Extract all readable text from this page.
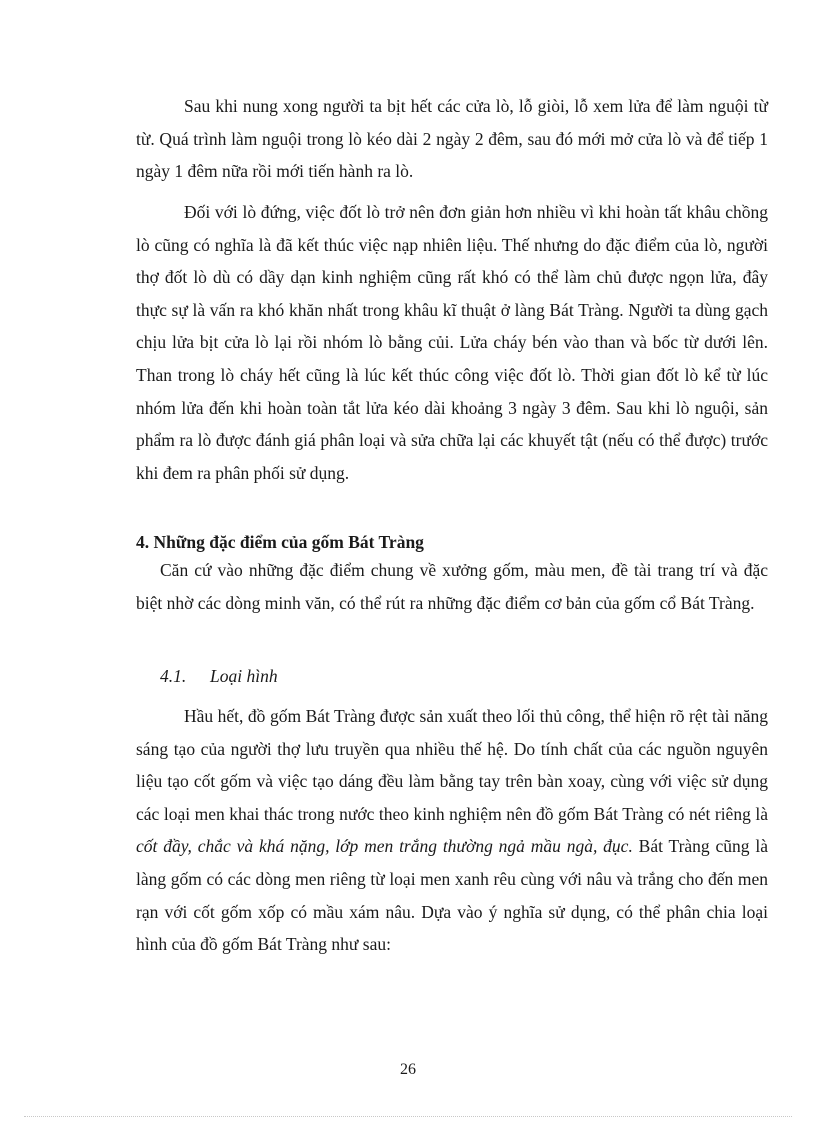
Sau khi nung xong người ta bịt hết các cửa lò, lỗ giòi, lỗ xem lửa để làm nguội từ từ. Quá trình làm nguội trong lò kéo dài 2 ngày 2 đêm, sau đó mới mở cửa lò và để tiếp 1 ngày 1 đêm nữa rồi mới tiến hành ra lò.

Đối với lò đứng, việc đốt lò trở nên đơn giản hơn nhiều vì khi hoàn tất khâu chồng lò cũng có nghĩa là đã kết thúc việc nạp nhiên liệu. Thế nhưng do đặc điểm của lò, người thợ đốt lò dù có dầy dạn kinh nghiệm cũng rất khó có thể làm chủ được ngọn lửa, đây thực sự là vấn ra khó khăn nhất trong khâu kĩ thuật ở làng Bát Tràng. Người ta dùng gạch chịu lửa bịt cửa lò lại rồi nhóm lò bằng củi. Lửa cháy bén vào than và bốc từ dưới lên. Than trong lò cháy hết cũng là lúc kết thúc công việc đốt lò. Thời gian đốt lò kể từ lúc nhóm lửa đến khi hoàn toàn tắt lửa kéo dài khoảng 3 ngày 3 đêm. Sau khi lò nguội, sản phẩm ra lò được đánh giá phân loại và sửa chữa lại các khuyết tật (nếu có thể được) trước khi đem ra phân phối sử dụng.

4. Những đặc điểm của gốm Bát Tràng

Căn cứ vào những đặc điểm chung về xưởng gốm, màu men, đề tài trang trí và đặc biệt nhờ các dòng minh văn, có thể rút ra những đặc điểm cơ bản của gốm cổ Bát Tràng.

4.1. Loại hình

Hầu hết, đồ gốm Bát Tràng được sản xuất theo lối thủ công, thể hiện rõ rệt tài năng sáng tạo của người thợ lưu truyền qua nhiều thế hệ. Do tính chất của các nguồn nguyên liệu tạo cốt gốm và việc tạo dáng đều làm bằng tay trên bàn xoay, cùng với việc sử dụng các loại men khai thác trong nước theo kinh nghiệm nên đồ gốm Bát Tràng có nét riêng là cốt đầy, chắc và khá nặng, lớp men trắng thường ngả mầu ngà, đục. Bát Tràng cũng là làng gốm có các dòng men riêng từ loại men xanh rêu cùng với nâu và trắng cho đến men rạn với cốt gốm xốp có mầu xám nâu. Dựa vào ý nghĩa sử dụng, có thể phân chia loại hình của đồ gốm Bát Tràng như sau:

26
